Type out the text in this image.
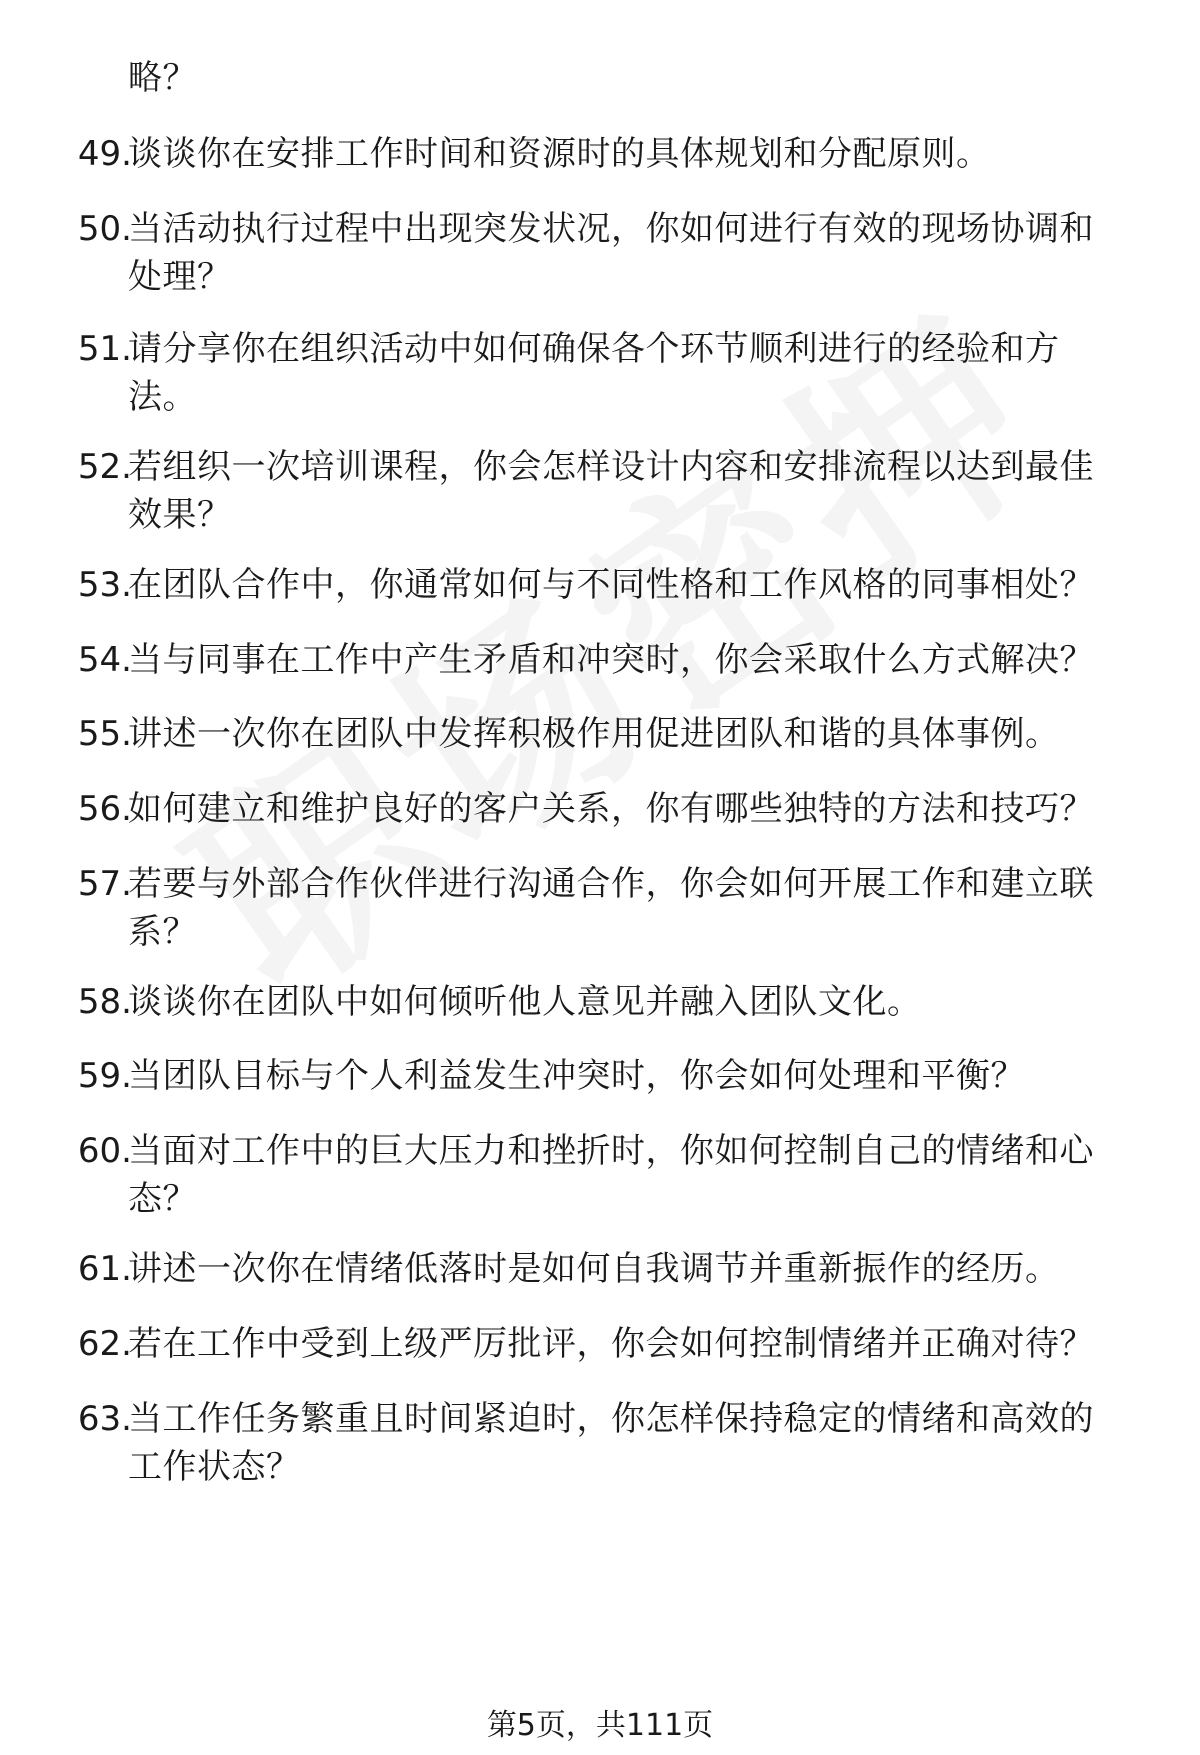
略？
49.
谈谈你在安排工作时间和资源时的具体规划和分配原则。
50.
当活动执行过程中出现突发状况，你如何进行有效的现场协调和
处理？
51.
请分享你在组织活动中如何确保各个环节顺利进行的经验和方
法。
52.
若组织一次培训课程，你会怎样设计内容和安排流程以达到最佳
效果？
53.
在团队合作中，你通常如何与不同性格和工作风格的同事相处？
54.
当与同事在工作中产生矛盾和冲突时，你会采取什么方式解决？
55.
讲述一次你在团队中发挥积极作用促进团队和谐的具体事例。
56.
如何建立和维护良好的客户关系，你有哪些独特的方法和技巧？
57.
若要与外部合作伙伴进行沟通合作，你会如何开展工作和建立联
系？
58.
谈谈你在团队中如何倾听他人意见并融入团队文化。
59.
当团队目标与个人利益发生冲突时，你会如何处理和平衡？
60.
当面对工作中的巨大压力和挫折时，你如何控制自己的情绪和心
态？
61.
讲述一次你在情绪低落时是如何自我调节并重新振作的经历。
62.
若在工作中受到上级严厉批评，你会如何控制情绪并正确对待？
63.
当工作任务繁重且时间紧迫时，你怎样保持稳定的情绪和高效的
工作状态？
第5页，共111页
